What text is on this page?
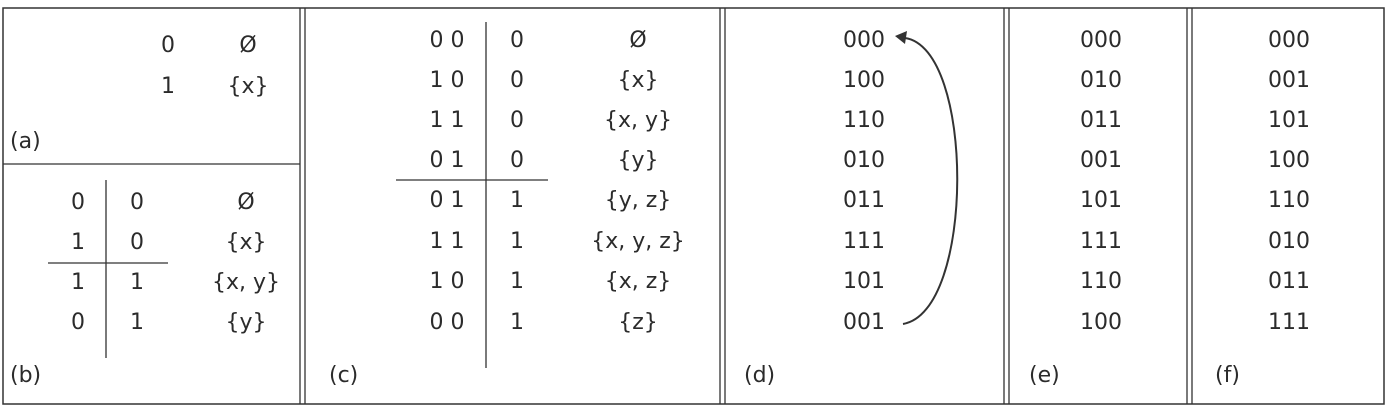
0	Ø
1 {x}
(a)
0 0	Ø
1 0	{x}
1 1	{x, y}
0 1	{y}
(b)
0 0 0	Ø
1 0 0	{x}
1 1 0	{x, y}
0 1 0	{y}
0 1 1	{y, z}
1 1 1	{x, y, z}
1 0 1	{x, z}
0 0 1	{z}
(c)
000
100
110
010
011
111
101
001
(d)
000
010
011
001
101
111
110
100
(e)
000
001
101
100
110
010
011
111
(f)
